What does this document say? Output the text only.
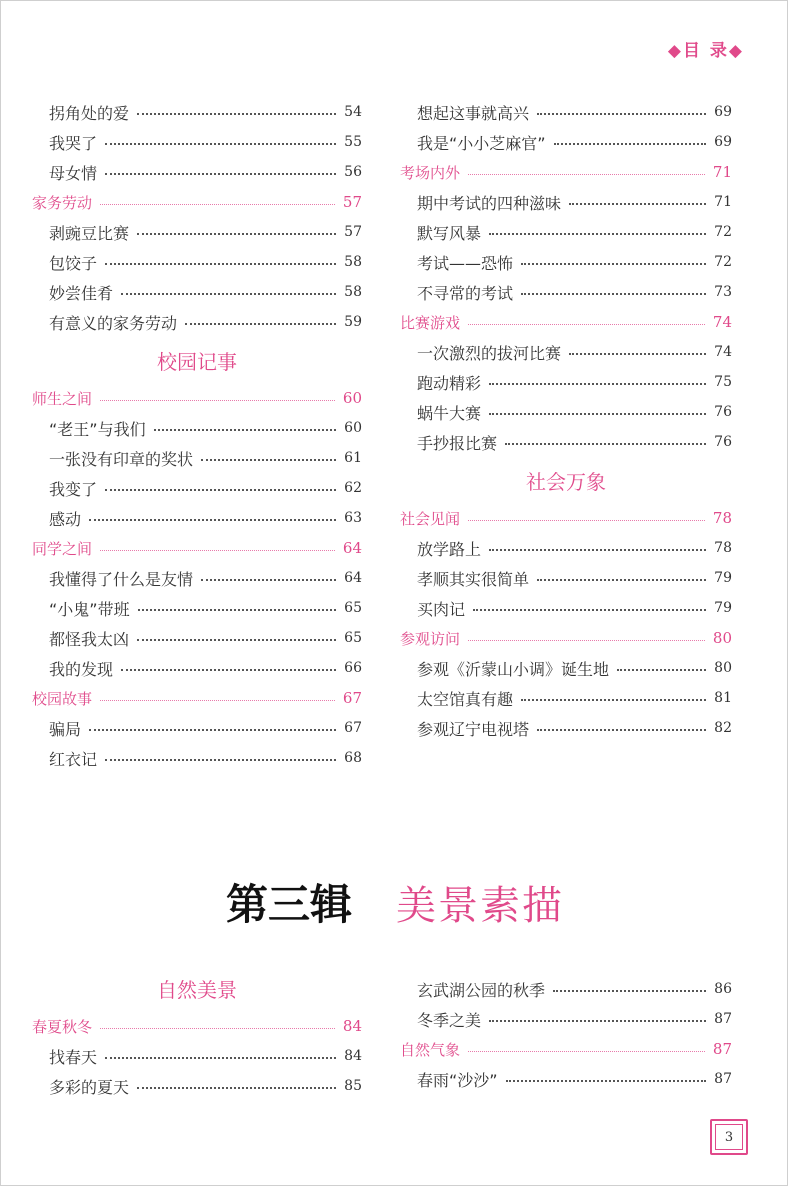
◆目 录◆
拐角处的爱	54
我哭了	55
母女情	56
家务劳动	57
剥豌豆比赛	57
包饺子	58
妙尝佳肴	58
有意义的家务劳动	59
校园记事
师生之间	60
“老王”与我们	60
一张没有印章的奖状	61
我变了	62
感动	63
同学之间	64
我懂得了什么是友情	64
“小鬼”带班	65
都怪我太凶	65
我的发现	66
校园故事	67
骗局	67
红衣记	68
想起这事就高兴	69
我是“小小芝麻官”	69
考场内外	71
期中考试的四种滋味	71
默写风暴	72
考试——恐怖	72
不寻常的考试	73
比赛游戏	74
一次激烈的拔河比赛	74
跑动精彩	75
蜗牛大赛	76
手抄报比赛	76
社会万象
社会见闻	78
放学路上	78
孝顺其实很简单	79
买肉记	79
参观访问	80
参观《沂蒙山小调》诞生地	80
太空馆真有趣	81
参观辽宁电视塔	82
第三辑 美景素描
自然美景
春夏秋冬	84
找春天	84
多彩的夏天	85
玄武湖公园的秋季	86
冬季之美	87
自然气象	87
春雨“沙沙”	87
3
